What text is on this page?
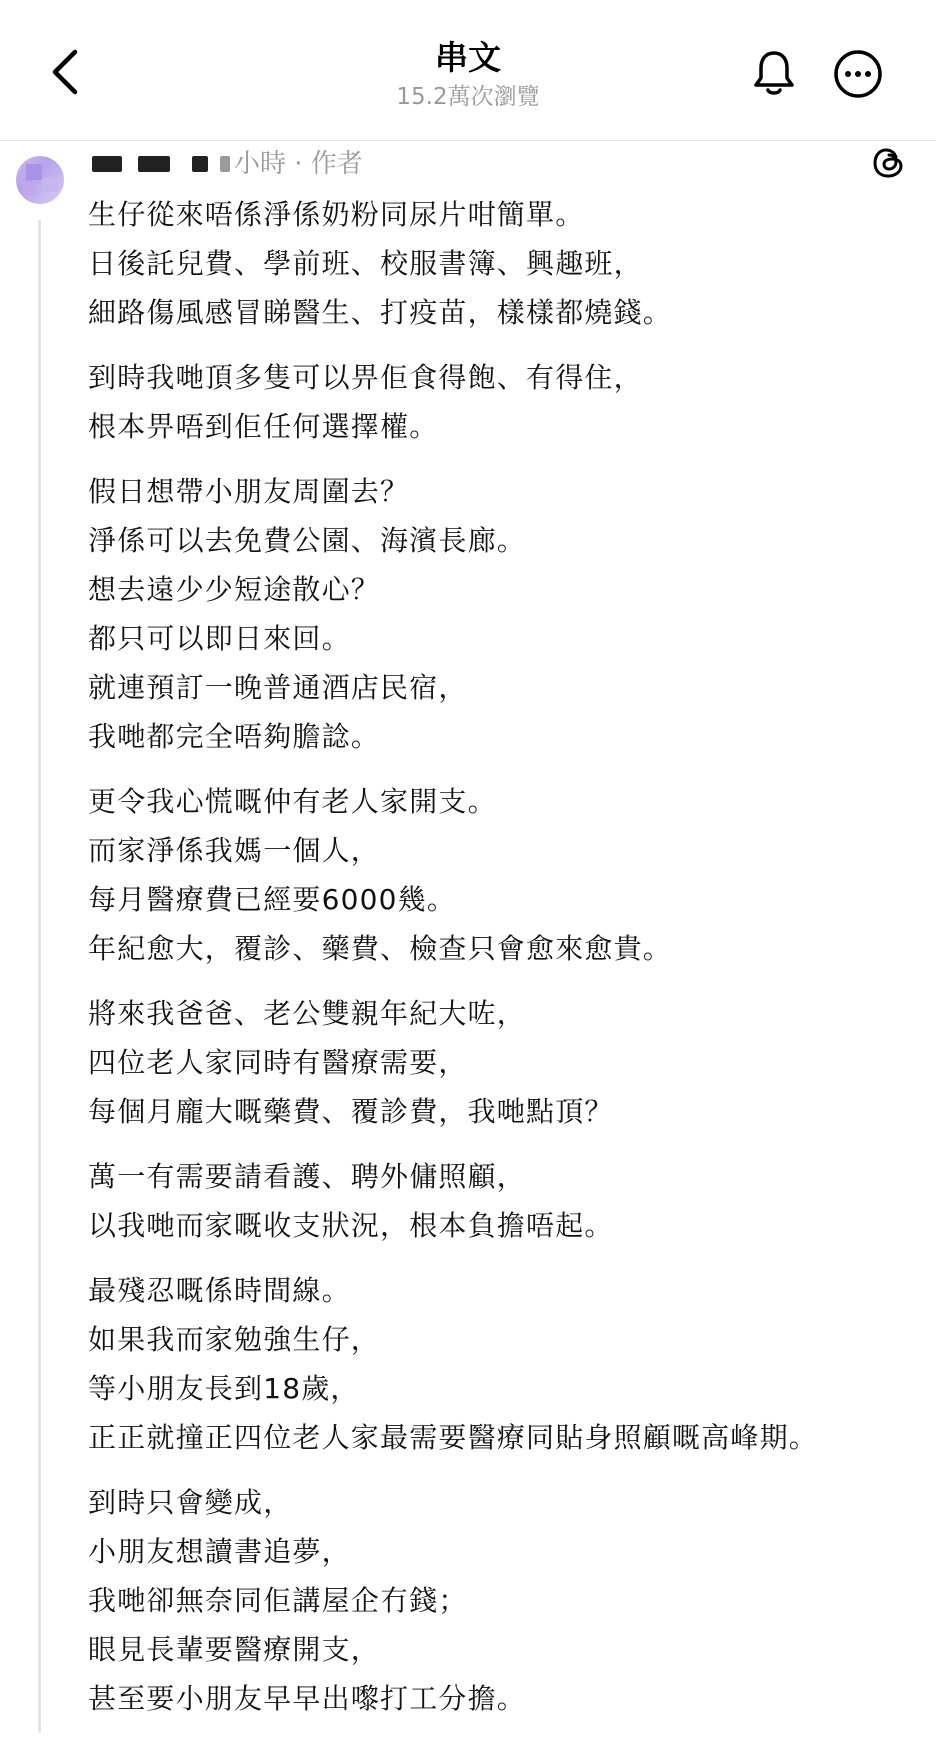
串文
15.2萬次瀏覽
小時 · 作者
生仔從來唔係淨係奶粉同尿片咁簡單。
日後託兒費、學前班、校服書簿、興趣班，
細路傷風感冒睇醫生、打疫苗，樣樣都燒錢。
到時我哋頂多隻可以畀佢食得飽、有得住，
根本畀唔到佢任何選擇權。
假日想帶小朋友周圍去？
淨係可以去免費公園、海濱長廊。
想去遠少少短途散心？
都只可以即日來回。
就連預訂一晚普通酒店民宿，
我哋都完全唔夠膽諗。
更令我心慌嘅仲有老人家開支。
而家淨係我媽一個人，
每月醫療費已經要6000幾。
年紀愈大，覆診、藥費、檢查只會愈來愈貴。
將來我爸爸、老公雙親年紀大咗，
四位老人家同時有醫療需要，
每個月龐大嘅藥費、覆診費，我哋點頂？
萬一有需要請看護、聘外傭照顧，
以我哋而家嘅收支狀況，根本負擔唔起。
最殘忍嘅係時間線。
如果我而家勉強生仔，
等小朋友長到18歲，
正正就撞正四位老人家最需要醫療同貼身照顧嘅高峰期。
到時只會變成，
小朋友想讀書追夢，
我哋卻無奈同佢講屋企冇錢；
眼見長輩要醫療開支，
甚至要小朋友早早出嚟打工分擔。
